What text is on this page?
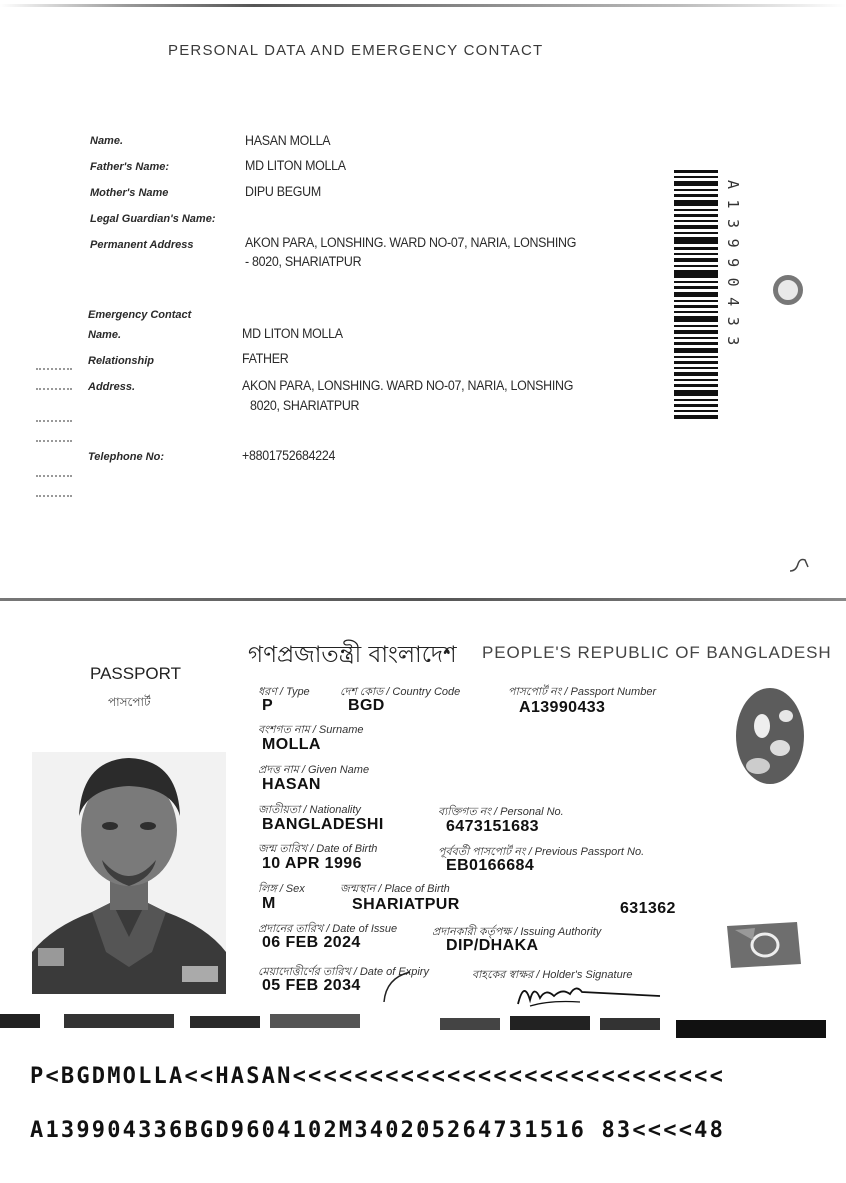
PERSONAL DATA AND EMERGENCY CONTACT
Name.	HASAN MOLLA
Father's Name:	MD LITON MOLLA
Mother's Name	DIPU BEGUM
Legal Guardian's Name:
Permanent Address	AKON PARA, LONSHING. WARD NO-07, NARIA, LONSHING
- 8020, SHARIATPUR
Emergency Contact
Name.	MD LITON MOLLA
Relationship	FATHER
Address.	AKON PARA, LONSHING. WARD NO-07, NARIA, LONSHING
8020, SHARIATPUR
Telephone No:	+8801752684224
A13990433
গণপ্রজাতন্ত্রী বাংলাদেশ PEOPLE'S REPUBLIC OF BANGLADESH
PASSPORT
পাসপোর্ট
ধরণ / Type	দেশ কোড / Country Code	পাসপোর্ট নং / Passport Number
P	BGD	A13990433
বংশগত নাম / Surname
MOLLA
প্রদত্ত নাম / Given Name
HASAN
জাতীয়তা / Nationality	ব্যক্তিগত নং / Personal No.
BANGLADESHI	6473151683
জন্ম তারিখ / Date of Birth	পূর্ববর্তী পাসপোর্ট নং / Previous Passport No.
10 APR 1996	EB0166684
লিঙ্গ / Sex	জন্মস্থান / Place of Birth
M	SHARIATPUR	631362
প্রদানের তারিখ / Date of Issue	প্রদানকারী কর্তৃপক্ষ / Issuing Authority
06 FEB 2024	DIP/DHAKA
মেয়াদোত্তীর্ণের তারিখ / Date of Expiry	বাহকের স্বাক্ষর / Holder's Signature
05 FEB 2034
P<BGDMOLLA<<HASAN<<<<<<<<<<<<<<<<<<<<<<<<<<<<
A139904336BGD9604102M340205264731516 83<<<<48
